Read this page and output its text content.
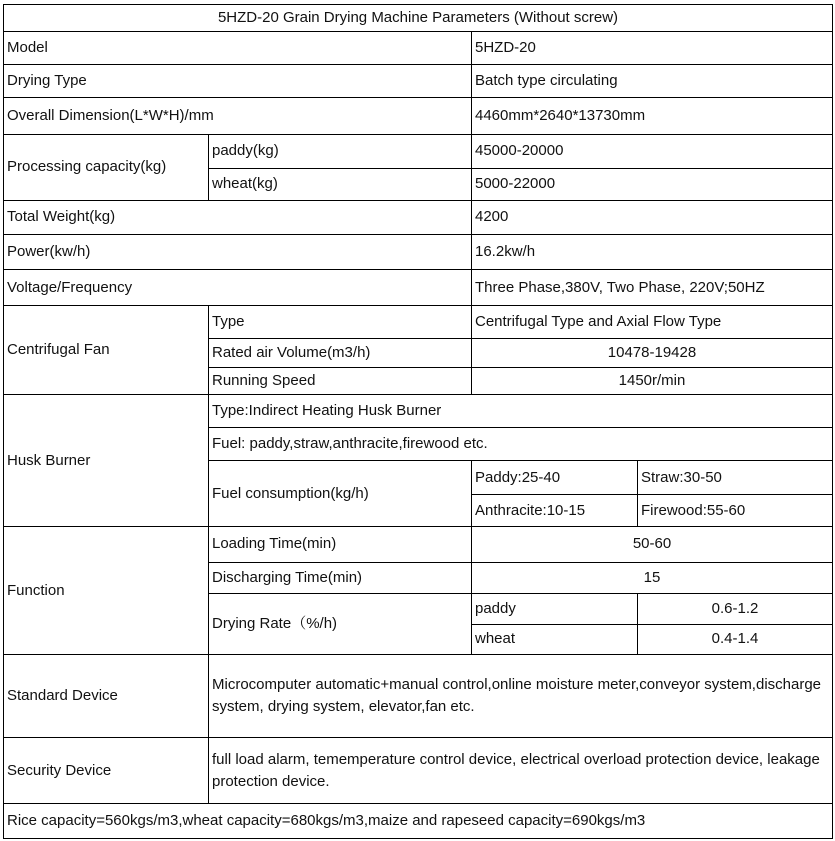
5HZD-20 Grain Drying Machine Parameters (Without screw)			
Model		5HZD-20	
Drying Type		Batch type circulating	
Overall Dimension(L*W*H)/mm		4460mm*2640*13730mm	
Processing capacity(kg)	paddy(kg)	45000-20000	
	wheat(kg)	5000-22000	
Total Weight(kg)		4200	
Power(kw/h)		16.2kw/h	
Voltage/Frequency		Three Phase,380V, Two Phase, 220V;50HZ	
Centrifugal Fan	Type	Centrifugal Type and Axial Flow Type	
	Rated air Volume(m3/h)	10478-19428	
	Running Speed	1450r/min	
Husk Burner	Type:Indirect Heating Husk Burner		
	Fuel: paddy,straw,anthracite,firewood etc.		
	Fuel consumption(kg/h)	Paddy:25-40	Straw:30-50
		Anthracite:10-15	Firewood:55-60
Function	Loading Time(min)	50-60	
	Discharging Time(min)	15	
	Drying Rate（%/h)	paddy	0.6-1.2
		wheat	0.4-1.4
Standard Device	Microcomputer automatic+manual control,online moisture meter,conveyor system,discharge system, drying system, elevator,fan etc.		
Security Device	full load alarm, tememperature control device, electrical overload protection device, leakage protection device.		
Rice capacity=560kgs/m3,wheat capacity=680kgs/m3,maize and rapeseed capacity=690kgs/m3			
